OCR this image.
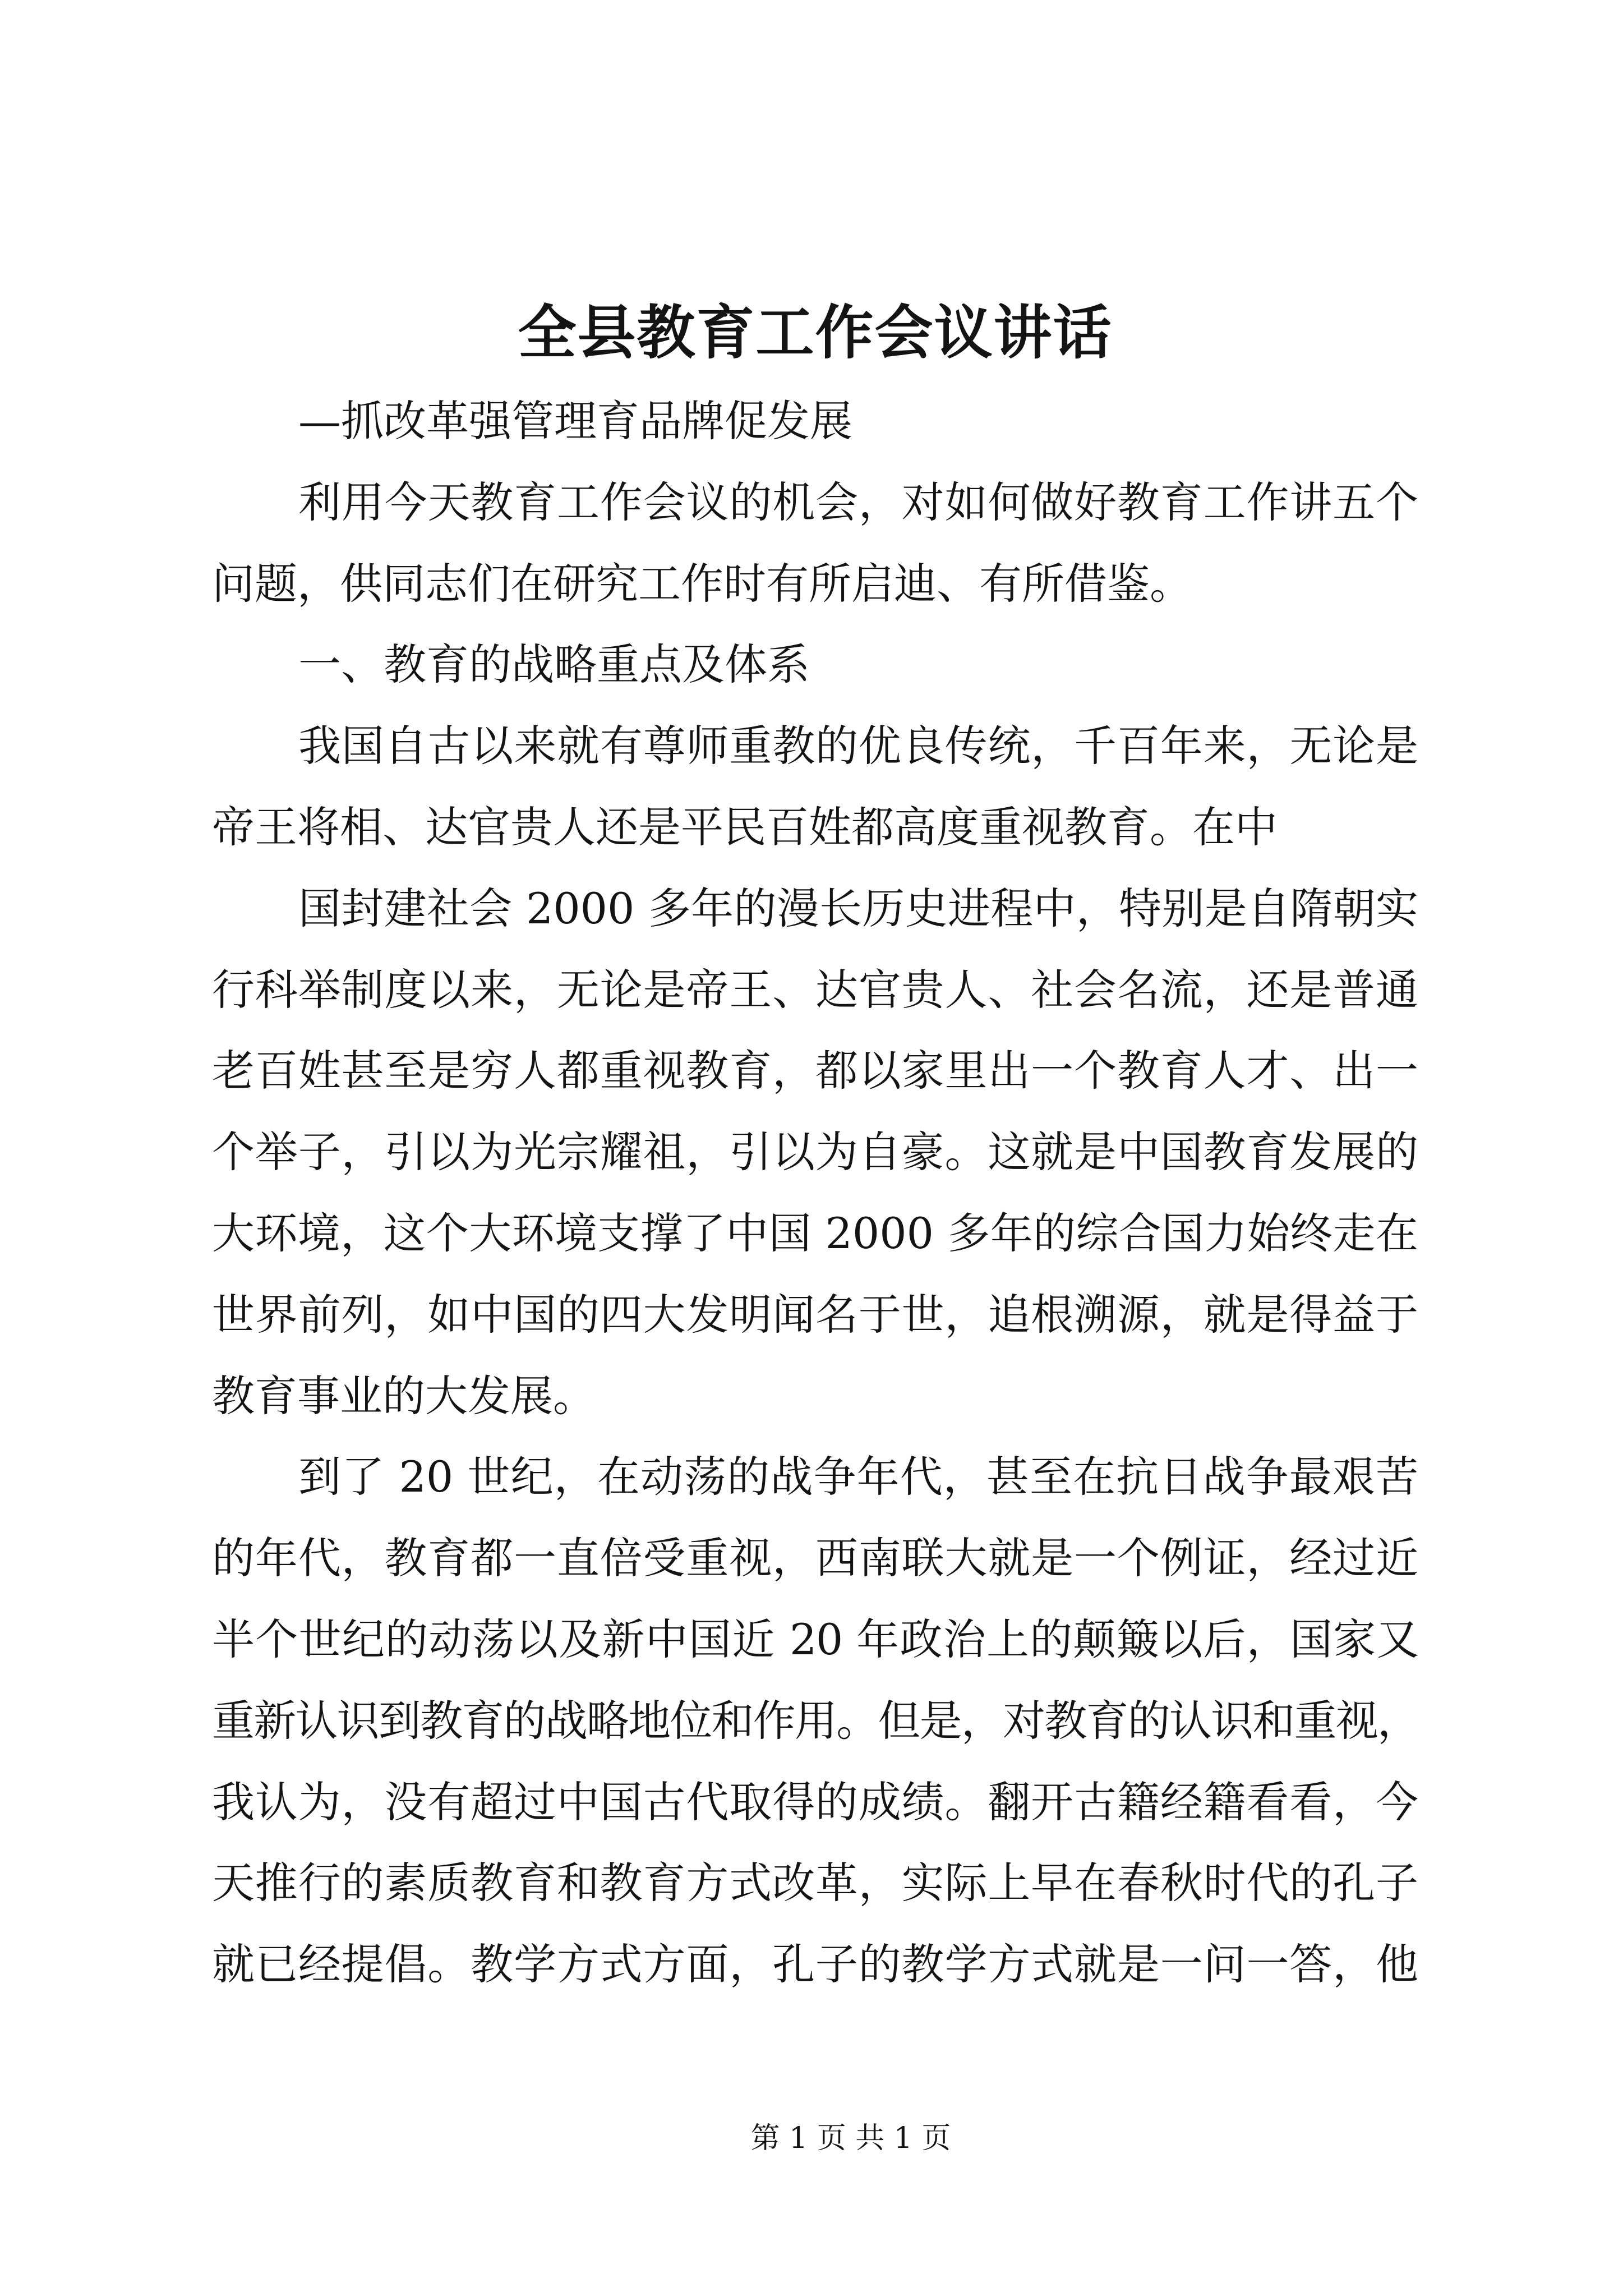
全县教育工作会议讲话
—抓改革强管理育品牌促发展
利用今天教育工作会议的机会，对如何做好教育工作讲五个
问题，供同志们在研究工作时有所启迪、有所借鉴。
一、教育的战略重点及体系
我国自古以来就有尊师重教的优良传统，千百年来，无论是
帝王将相、达官贵人还是平民百姓都高度重视教育。在中
国封建社会 2000 多年的漫长历史进程中，特别是自隋朝实
行科举制度以来，无论是帝王、达官贵人、社会名流，还是普通
老百姓甚至是穷人都重视教育，都以家里出一个教育人才、出一
个举子，引以为光宗耀祖，引以为自豪。这就是中国教育发展的
大环境，这个大环境支撑了中国 2000 多年的综合国力始终走在
世界前列，如中国的四大发明闻名于世，追根溯源，就是得益于
教育事业的大发展。
到了 20 世纪，在动荡的战争年代，甚至在抗日战争最艰苦
的年代，教育都一直倍受重视，西南联大就是一个例证，经过近
半个世纪的动荡以及新中国近 20 年政治上的颠簸以后，国家又
重新认识到教育的战略地位和作用。但是，对教育的认识和重视，
我认为，没有超过中国古代取得的成绩。翻开古籍经籍看看，今
天推行的素质教育和教育方式改革，实际上早在春秋时代的孔子
就已经提倡。教学方式方面，孔子的教学方式就是一问一答，他
第 1 页 共 1 页
